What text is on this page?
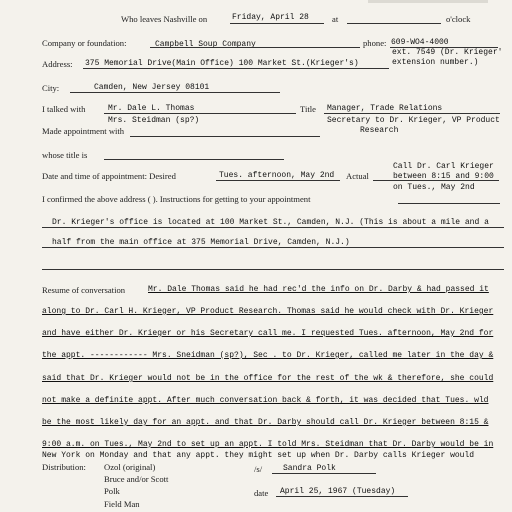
Who leaves Nashville on	Friday, April 28	at	o'clock
Company or foundation:	Campbell Soup Company	phone: 609-WO4-4000
ext. 7549 (Dr. Krieger'
extension number.)
Address: 375 Memorial Drive(Main Office) 100 Market St.(Krieger's)
City:	Camden, New Jersey 08101
I talked with	Mr. Dale L. Thomas
Mrs. Steidman (sp?)
Title Manager, Trade Relations
Secretary to Dr. Krieger, VP Product
Research
Made appointment with
whose title is
Date and time of appointment: Desired	Tues. afternoon, May 2nd Actual
Call Dr. Carl Krieger
between 8:15 and 9:00
on Tues., May 2nd
I confirmed the above address ( ). Instructions for getting to your appointment
Dr. Krieger's office is located at 100 Market St., Camden, N.J. (This is about a mile and a
half from the main office at 375 Memorial Drive, Camden, N.J.)
Resume of conversation	Mr. Dale Thomas said he had rec'd the info on Dr. Darby & had passed it
along to Dr. Carl H. Krieger, VP Product Research. Thomas said he would check with Dr. Krieger
and have either Dr. Krieger or his Secretary call me. I requested Tues. afternoon, May 2nd for
the appt. ------------ Mrs. Sneidman (sp?), Sec . to Dr. Krieger, called me later in the day &
said that Dr. Krieger would not be in the office for the rest of the wk & therefore, she could
not make a definite appt. After much conversation back & forth, it was decided that Tues. wld
be the most likely day for an appt. and that Dr. Darby should call Dr. Krieger between 8:15 &
9:00 a.m. on Tues., May 2nd to set up an appt. I told Mrs. Steidman that Dr. Darby would be in
New York on Monday and that any appt. they might set up when Dr. Darby calls Krieger would
Distribution: Ozol (original)
Bruce and/or Scott
Polk
Field Man
/s/	Sandra Polk
date April 25, 1967 (Tuesday)
